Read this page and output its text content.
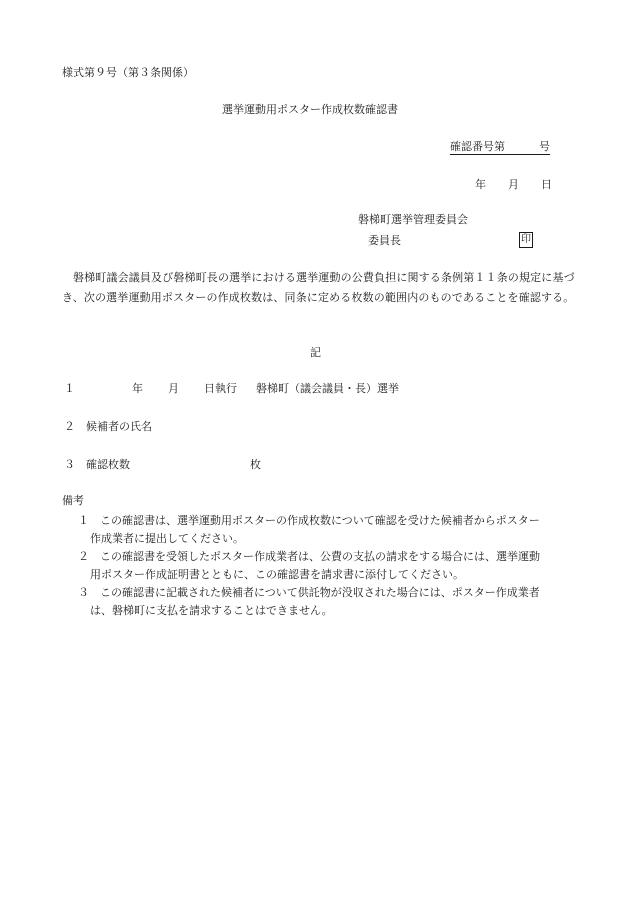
様式第９号（第３条関係）
選挙運動用ポスター作成枚数確認書
確認番号第	号
年 月 日
磐梯町選挙管理委員会
委員長	印
磐梯町議会議員及び磐梯町長の選挙における選挙運動の公費負担に関する条例第１１条の規定に基づき、次の選挙運動用ポスターの作成枚数は、同条に定める枚数の範囲内のものであることを確認する。
記
１	年 月 日執行 磐梯町（議会議員・長）選挙
２ 候補者の氏名
３ 確認枚数	枚
備考
１ この確認書は、選挙運動用ポスターの作成枚数について確認を受けた候補者からポスター
作成業者に提出してください。
２ この確認書を受領したポスター作成業者は、公費の支払の請求をする場合には、選挙運動
用ポスター作成証明書とともに、この確認書を請求書に添付してください。
３ この確認書に記載された候補者について供託物が没収された場合には、ポスター作成業者
は、磐梯町に支払を請求することはできません。
